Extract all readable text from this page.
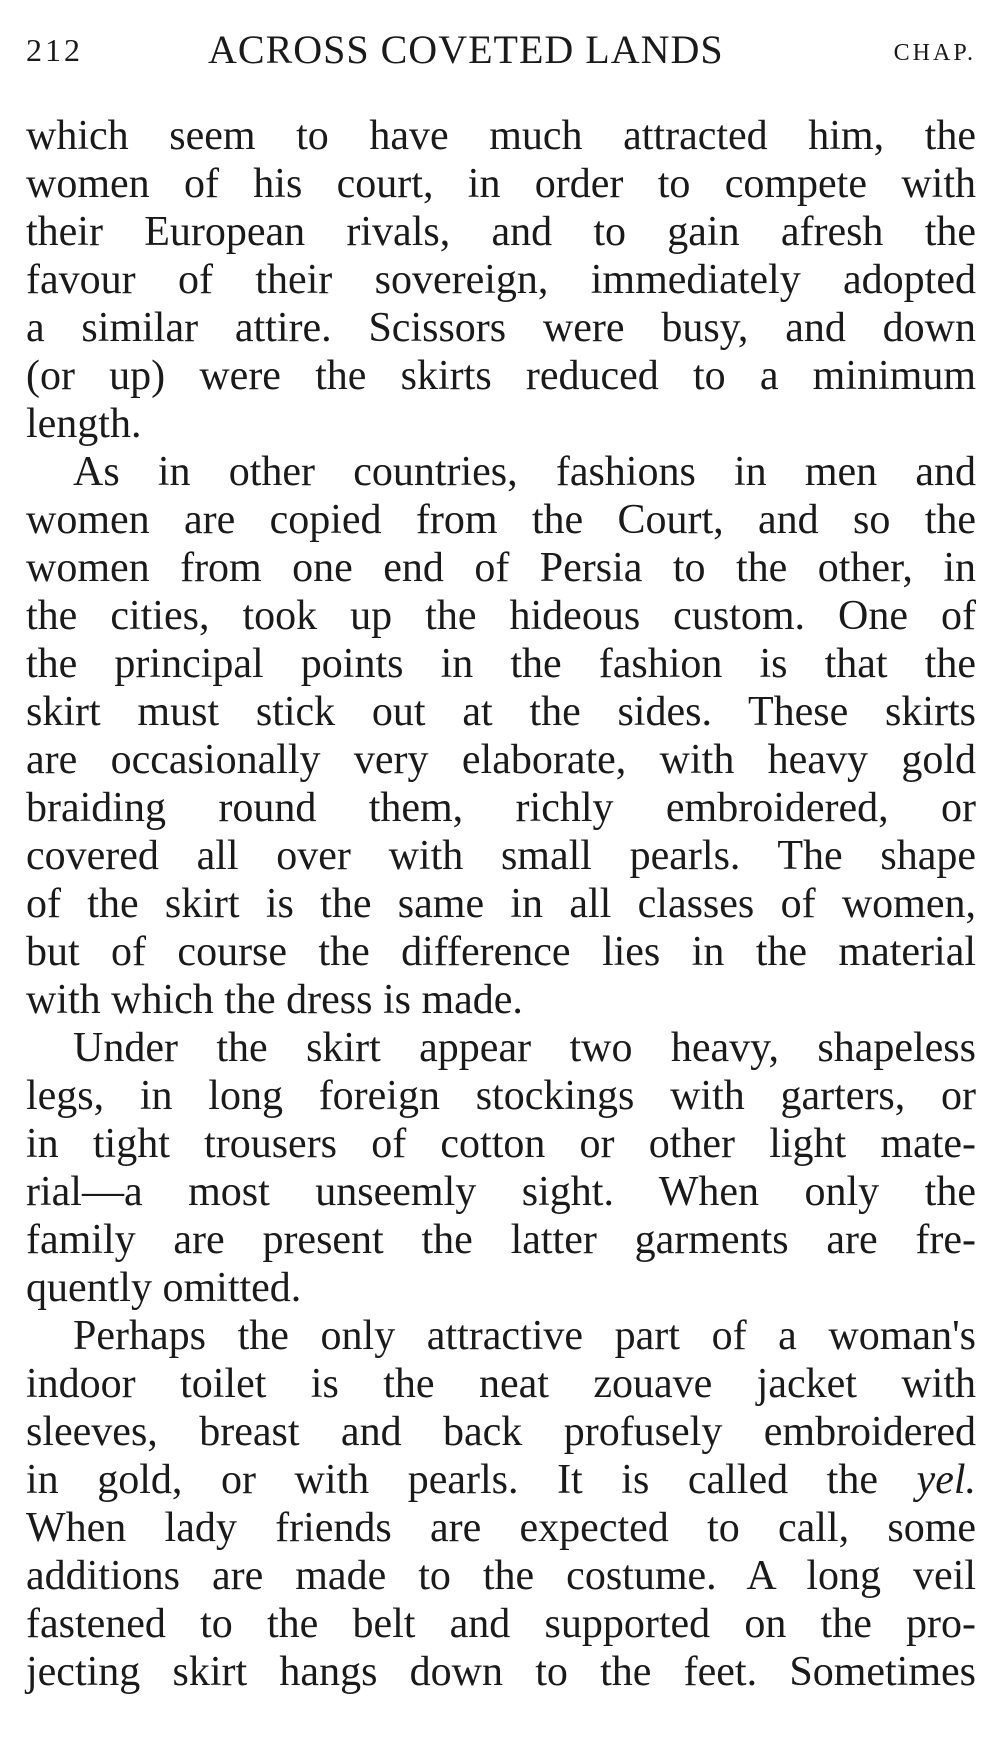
212	ACROSS COVETED LANDS	CHAP.
which seem to have much attracted him, the
women of his court, in order to compete with
their European rivals, and to gain afresh the
favour of their sovereign, immediately adopted
a similar attire. Scissors were busy, and down
(or up) were the skirts reduced to a minimum
length.
As in other countries, fashions in men and
women are copied from the Court, and so the
women from one end of Persia to the other, in
the cities, took up the hideous custom. One of
the principal points in the fashion is that the
skirt must stick out at the sides. These skirts
are occasionally very elaborate, with heavy gold
braiding round them, richly embroidered, or
covered all over with small pearls. The shape
of the skirt is the same in all classes of women,
but of course the difference lies in the material
with which the dress is made.
Under the skirt appear two heavy, shapeless
legs, in long foreign stockings with garters, or
in tight trousers of cotton or other light mate-
rial—a most unseemly sight. When only the
family are present the latter garments are fre-
quently omitted.
Perhaps the only attractive part of a woman's
indoor toilet is the neat zouave jacket with
sleeves, breast and back profusely embroidered
in gold, or with pearls. It is called the yel.
When lady friends are expected to call, some
additions are made to the costume. A long veil
fastened to the belt and supported on the pro-
jecting skirt hangs down to the feet. Sometimes
